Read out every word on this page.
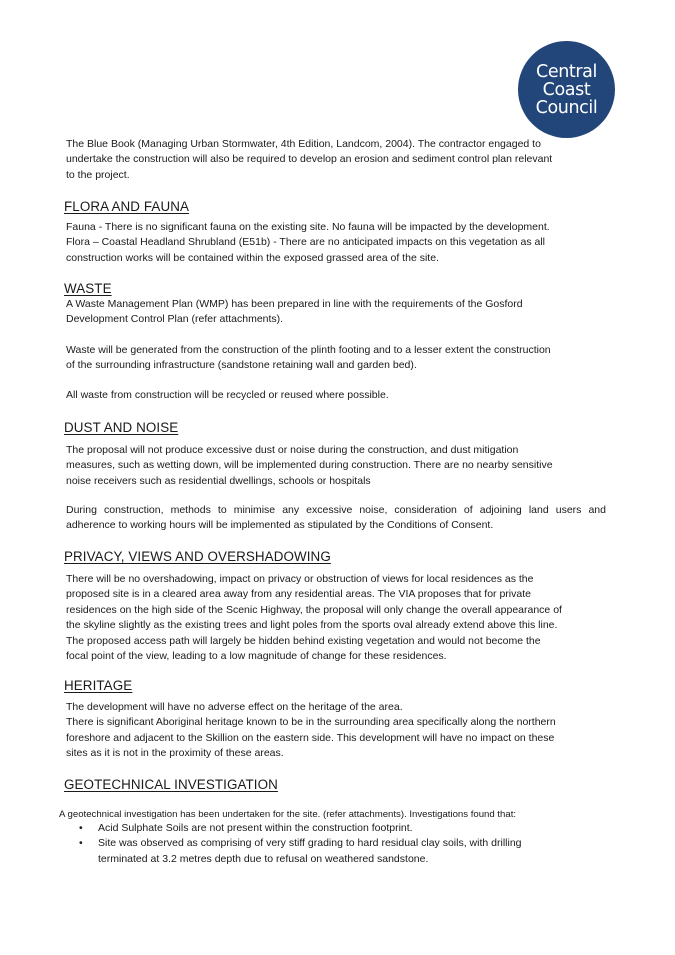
Central
Coast
Council

The Blue Book (Managing Urban Stormwater, 4th Edition, Landcom, 2004). The contractor engaged to

undertake the construction will also be required to develop an erosion and sediment control plan relevant

to the project.

FLORA AND FAUNA

Fauna - There is no significant fauna on the existing site. No fauna will be impacted by the development.

Flora – Coastal Headland Shrubland (E51b) - There are no anticipated impacts on this vegetation as all

construction works will be contained within the exposed grassed area of the site.

WASTE

A Waste Management Plan (WMP) has been prepared in line with the requirements of the Gosford

Development Control Plan (refer attachments).

Waste will be generated from the construction of the plinth footing and to a lesser extent the construction

of the surrounding infrastructure (sandstone retaining wall and garden bed).

All waste from construction will be recycled or reused where possible.

DUST AND NOISE

The proposal will not produce excessive dust or noise during the construction, and dust mitigation

measures, such as wetting down, will be implemented during construction. There are no nearby sensitive

noise receivers such as residential dwellings, schools or hospitals

During construction, methods to minimise any excessive noise, consideration of adjoining land users and

adherence to working hours will be implemented as stipulated by the Conditions of Consent.

PRIVACY, VIEWS AND OVERSHADOWING

There will be no overshadowing, impact on privacy or obstruction of views for local residences as the

proposed site is in a cleared area away from any residential areas. The VIA proposes that for private

residences on the high side of the Scenic Highway, the proposal will only change the overall appearance of

the skyline slightly as the existing trees and light poles from the sports oval already extend above this line.

The proposed access path will largely be hidden behind existing vegetation and would not become the

focal point of the view, leading to a low magnitude of change for these residences.

HERITAGE

The development will have no adverse effect on the heritage of the area.

There is significant Aboriginal heritage known to be in the surrounding area specifically along the northern

foreshore and adjacent to the Skillion on the eastern side. This development will have no impact on these

sites as it is not in the proximity of these areas.

GEOTECHNICAL INVESTIGATION

A geotechnical investigation has been undertaken for the site. (refer attachments). Investigations found that:

• Acid Sulphate Soils are not present within the construction footprint.
• Site was observed as comprising of very stiff grading to hard residual clay soils, with drilling
terminated at 3.2 metres depth due to refusal on weathered sandstone.
